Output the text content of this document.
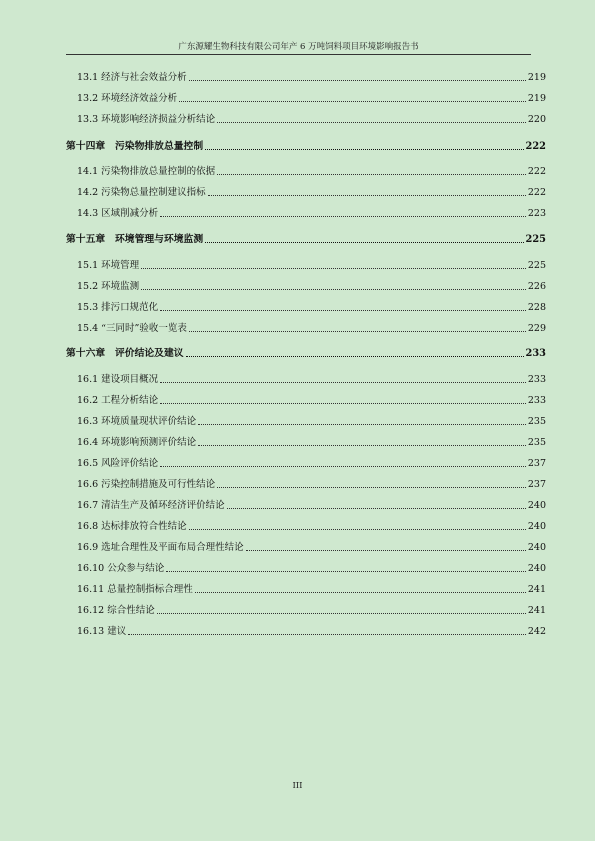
广东源耀生物科技有限公司年产 6 万吨饲料项目环境影响报告书
13.1 经济与社会效益分析	219
13.2 环境经济效益分析	219
13.3 环境影响经济损益分析结论	220
第十四章　污染物排放总量控制	222
14.1 污染物排放总量控制的依据	222
14.2 污染物总量控制建议指标	222
14.3 区域削减分析	223
第十五章　环境管理与环境监测	225
15.1 环境管理	225
15.2 环境监测	226
15.3 排污口规范化	228
15.4 “三同时”验收一览表	229
第十六章　评价结论及建议	233
16.1 建设项目概况	233
16.2 工程分析结论	233
16.3 环境质量现状评价结论	235
16.4 环境影响预测评价结论	235
16.5 风险评价结论	237
16.6 污染控制措施及可行性结论	237
16.7 清洁生产及循环经济评价结论	240
16.8 达标排放符合性结论	240
16.9 选址合理性及平面布局合理性结论	240
16.10 公众参与结论	240
16.11 总量控制指标合理性	241
16.12 综合性结论	241
16.13 建议	242
III
